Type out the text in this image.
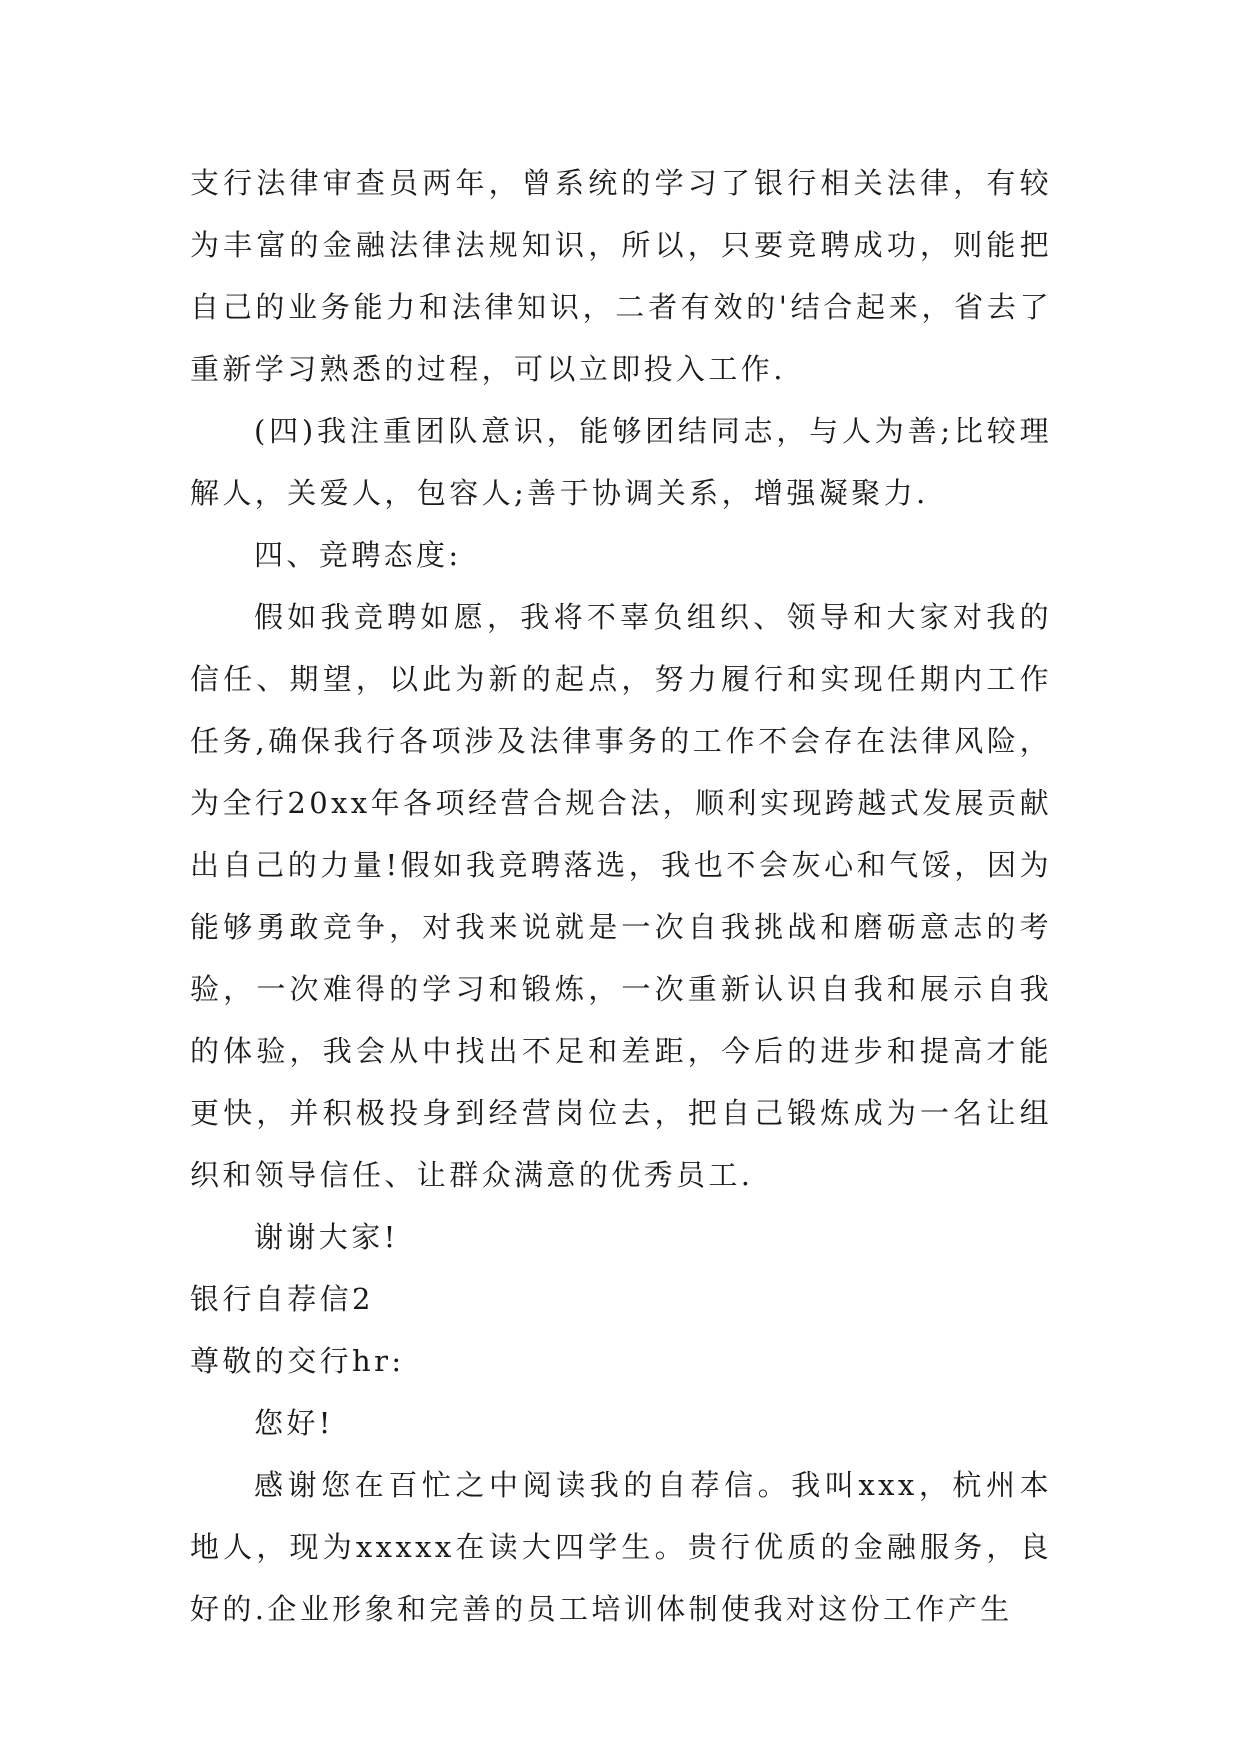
支行法律审查员两年，曾系统的学习了银行相关法律，有较为丰富的金融法律法规知识，所以，只要竞聘成功，则能把自己的业务能力和法律知识，二者有效的'结合起来，省去了重新学习熟悉的过程，可以立即投入工作.

(四)我注重团队意识，能够团结同志，与人为善;比较理解人，关爱人，包容人;善于协调关系，增强凝聚力.

四、竞聘态度:

假如我竞聘如愿，我将不辜负组织、领导和大家对我的信任、期望，以此为新的起点，努力履行和实现任期内工作任务,确保我行各项涉及法律事务的工作不会存在法律风险，为全行20xx年各项经营合规合法，顺利实现跨越式发展贡献出自己的力量!假如我竞聘落选，我也不会灰心和气馁，因为能够勇敢竞争，对我来说就是一次自我挑战和磨砺意志的考验，一次难得的学习和锻炼，一次重新认识自我和展示自我的体验，我会从中找出不足和差距，今后的进步和提高才能更快，并积极投身到经营岗位去，把自己锻炼成为一名让组织和领导信任、让群众满意的优秀员工.

谢谢大家!

银行自荐信2

尊敬的交行hr:

您好!

感谢您在百忙之中阅读我的自荐信。我叫xxx，杭州本地人，现为xxxxx在读大四学生。贵行优质的金融服务，良好的.企业形象和完善的员工培训体制使我对这份工作产生
